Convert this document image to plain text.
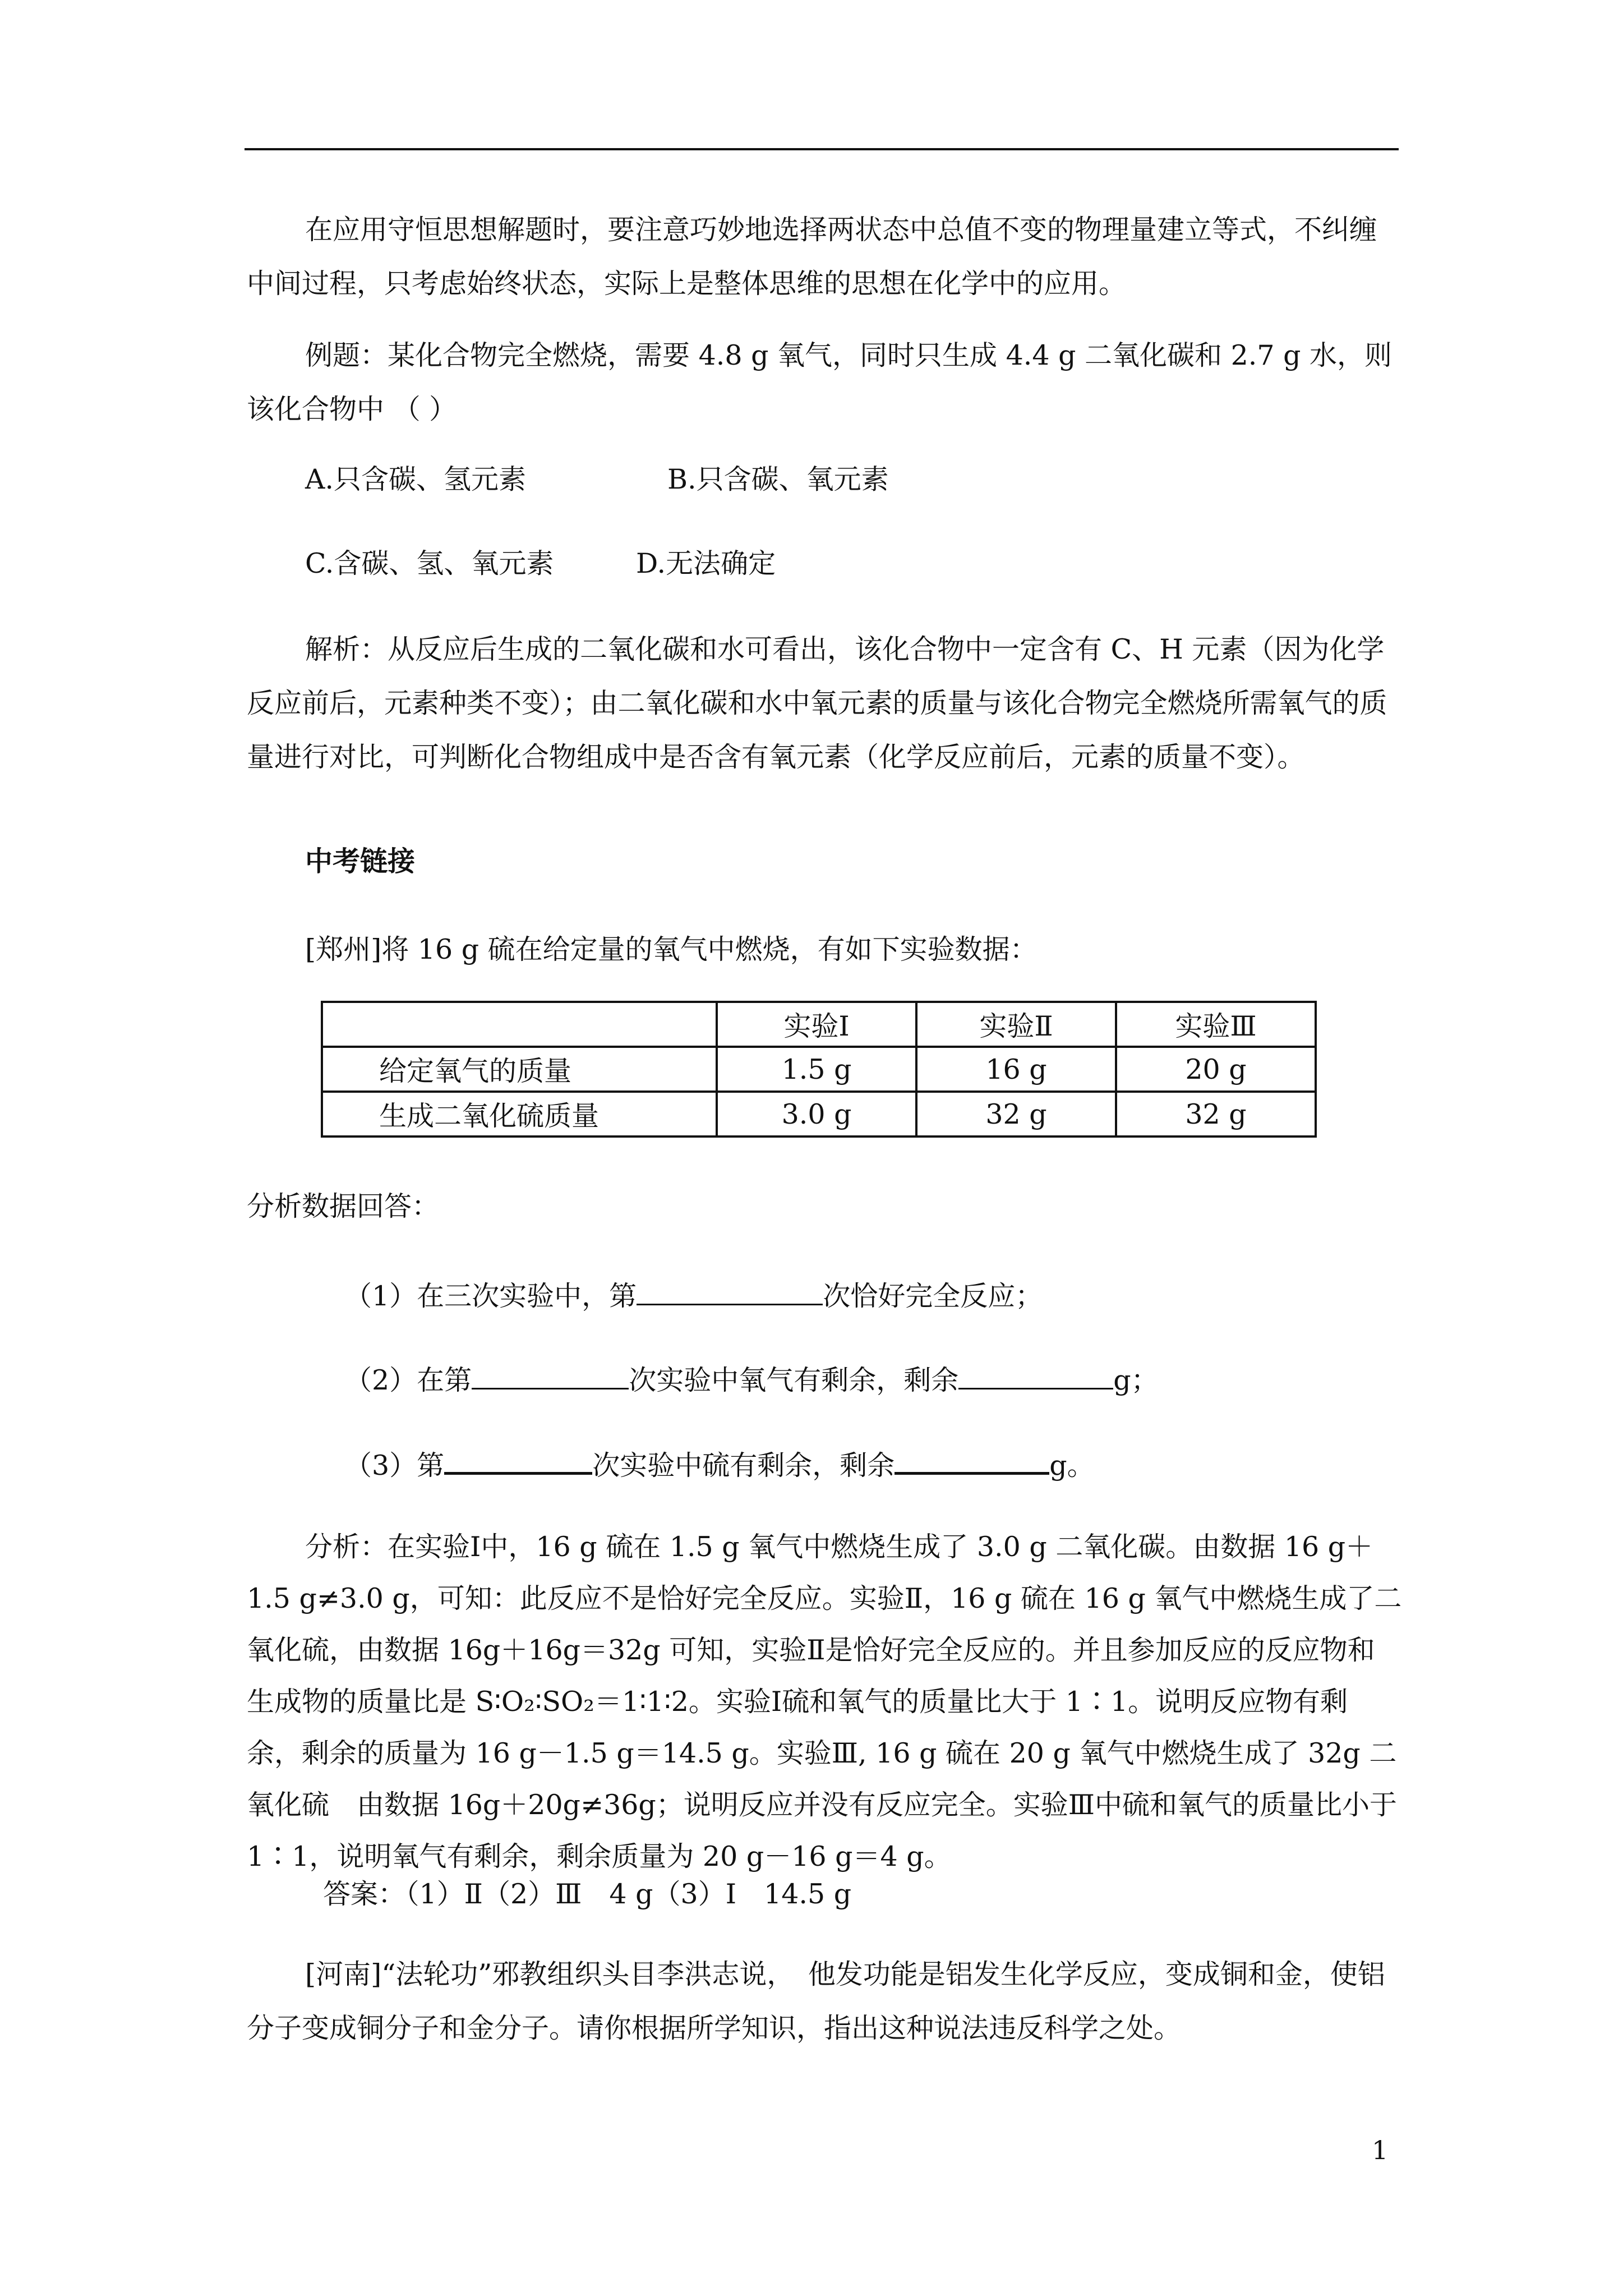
在应用守恒思想解题时，要注意巧妙地选择两状态中总值不变的物理量建立等式，不纠缠中间过程，只考虑始终状态，实际上是整体思维的思想在化学中的应用。

例题：某化合物完全燃烧，需要 4.8 g 氧气，同时只生成 4.4 g 二氧化碳和 2.7 g 水，则该化合物中 （ ）

A.只含碳、氢元素	B.只含碳、氧元素
C.含碳、氢、氧元素	D.无法确定

解析：从反应后生成的二氧化碳和水可看出，该化合物中一定含有 C、H 元素（因为化学反应前后，元素种类不变）；由二氧化碳和水中氧元素的质量与该化合物完全燃烧所需氧气的质量进行对比，可判断化合物组成中是否含有氧元素（化学反应前后，元素的质量不变）。

中考链接
[郑州]将 16 g 硫在给定量的氧气中燃烧，有如下实验数据：
	实验Ⅰ	实验Ⅱ	实验Ⅲ
给定氧气的质量	1.5 g	16 g	20 g
生成二氧化硫质量	3.0 g	32 g	32 g
分析数据回答：
（1）在三次实验中，第	次恰好完全反应；
（2）在第	次实验中氧气有剩余，剩余	g；
（3）第	次实验中硫有剩余，剩余	g。

分析：在实验Ⅰ中，16 g 硫在 1.5 g 氧气中燃烧生成了 3.0 g 二氧化碳。由数据 16 g＋1.5 g≠3.0 g，可知：此反应不是恰好完全反应。实验Ⅱ，16 g 硫在 16 g 氧气中燃烧生成了二氧化硫，由数据 16g＋16g＝32g 可知，实验Ⅱ是恰好完全反应的。并且参加反应的反应物和生成物的质量比是 S∶O₂∶SO₂＝1∶1∶2。实验Ⅰ硫和氧气的质量比大于 1∶1。说明反应物有剩余，剩余的质量为 16 g－1.5 g＝14.5 g。实验Ⅲ, 16 g 硫在 20 g 氧气中燃烧生成了 32g 二氧化硫　由数据 16g＋20g≠36g；说明反应并没有反应完全。实验Ⅲ中硫和氧气的质量比小于 1∶1，说明氧气有剩余，剩余质量为 20 g－16 g＝4 g。

答案：（1）Ⅱ（2）Ⅲ　4 g（3）Ⅰ　14.5 g

[河南]“法轮功”邪教组织头目李洪志说，　他发功能是铝发生化学反应，变成铜和金，使铝分子变成铜分子和金分子。请你根据所学知识，指出这种说法违反科学之处。

1
